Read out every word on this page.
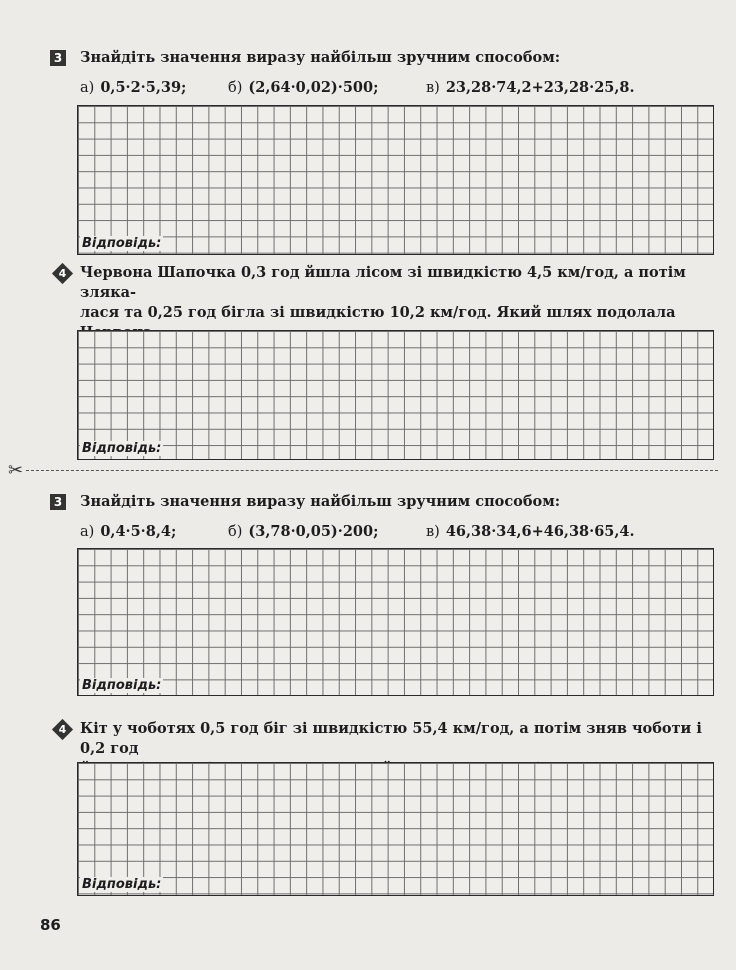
3 Знайдіть значення виразу найбільш зручним способом:
а) 0,5·2·5,39;	б) (2,64·0,02)·500;	в) 23,28·74,2+23,28·25,8.
Відповідь:
4 Червона Шапочка 0,3 год йшла лісом зі швидкістю 4,5 км/год, а потім зляка-
лася та 0,25 год бігла зі швидкістю 10,2 км/год. Який шлях подолала
Відповідь:
✂
3 Знайдіть значення виразу найбільш зручним способом:
а) 0,4·5·8,4;	б) (3,78·0,05)·200;	в) 46,38·34,6+46,38·65,4.
Відповідь:
4 Кіт у чоботях 0,5 год біг зі швидкістю 55,4 км/год, а потім зняв чоботи і 0,2 год
Відповідь:
86
